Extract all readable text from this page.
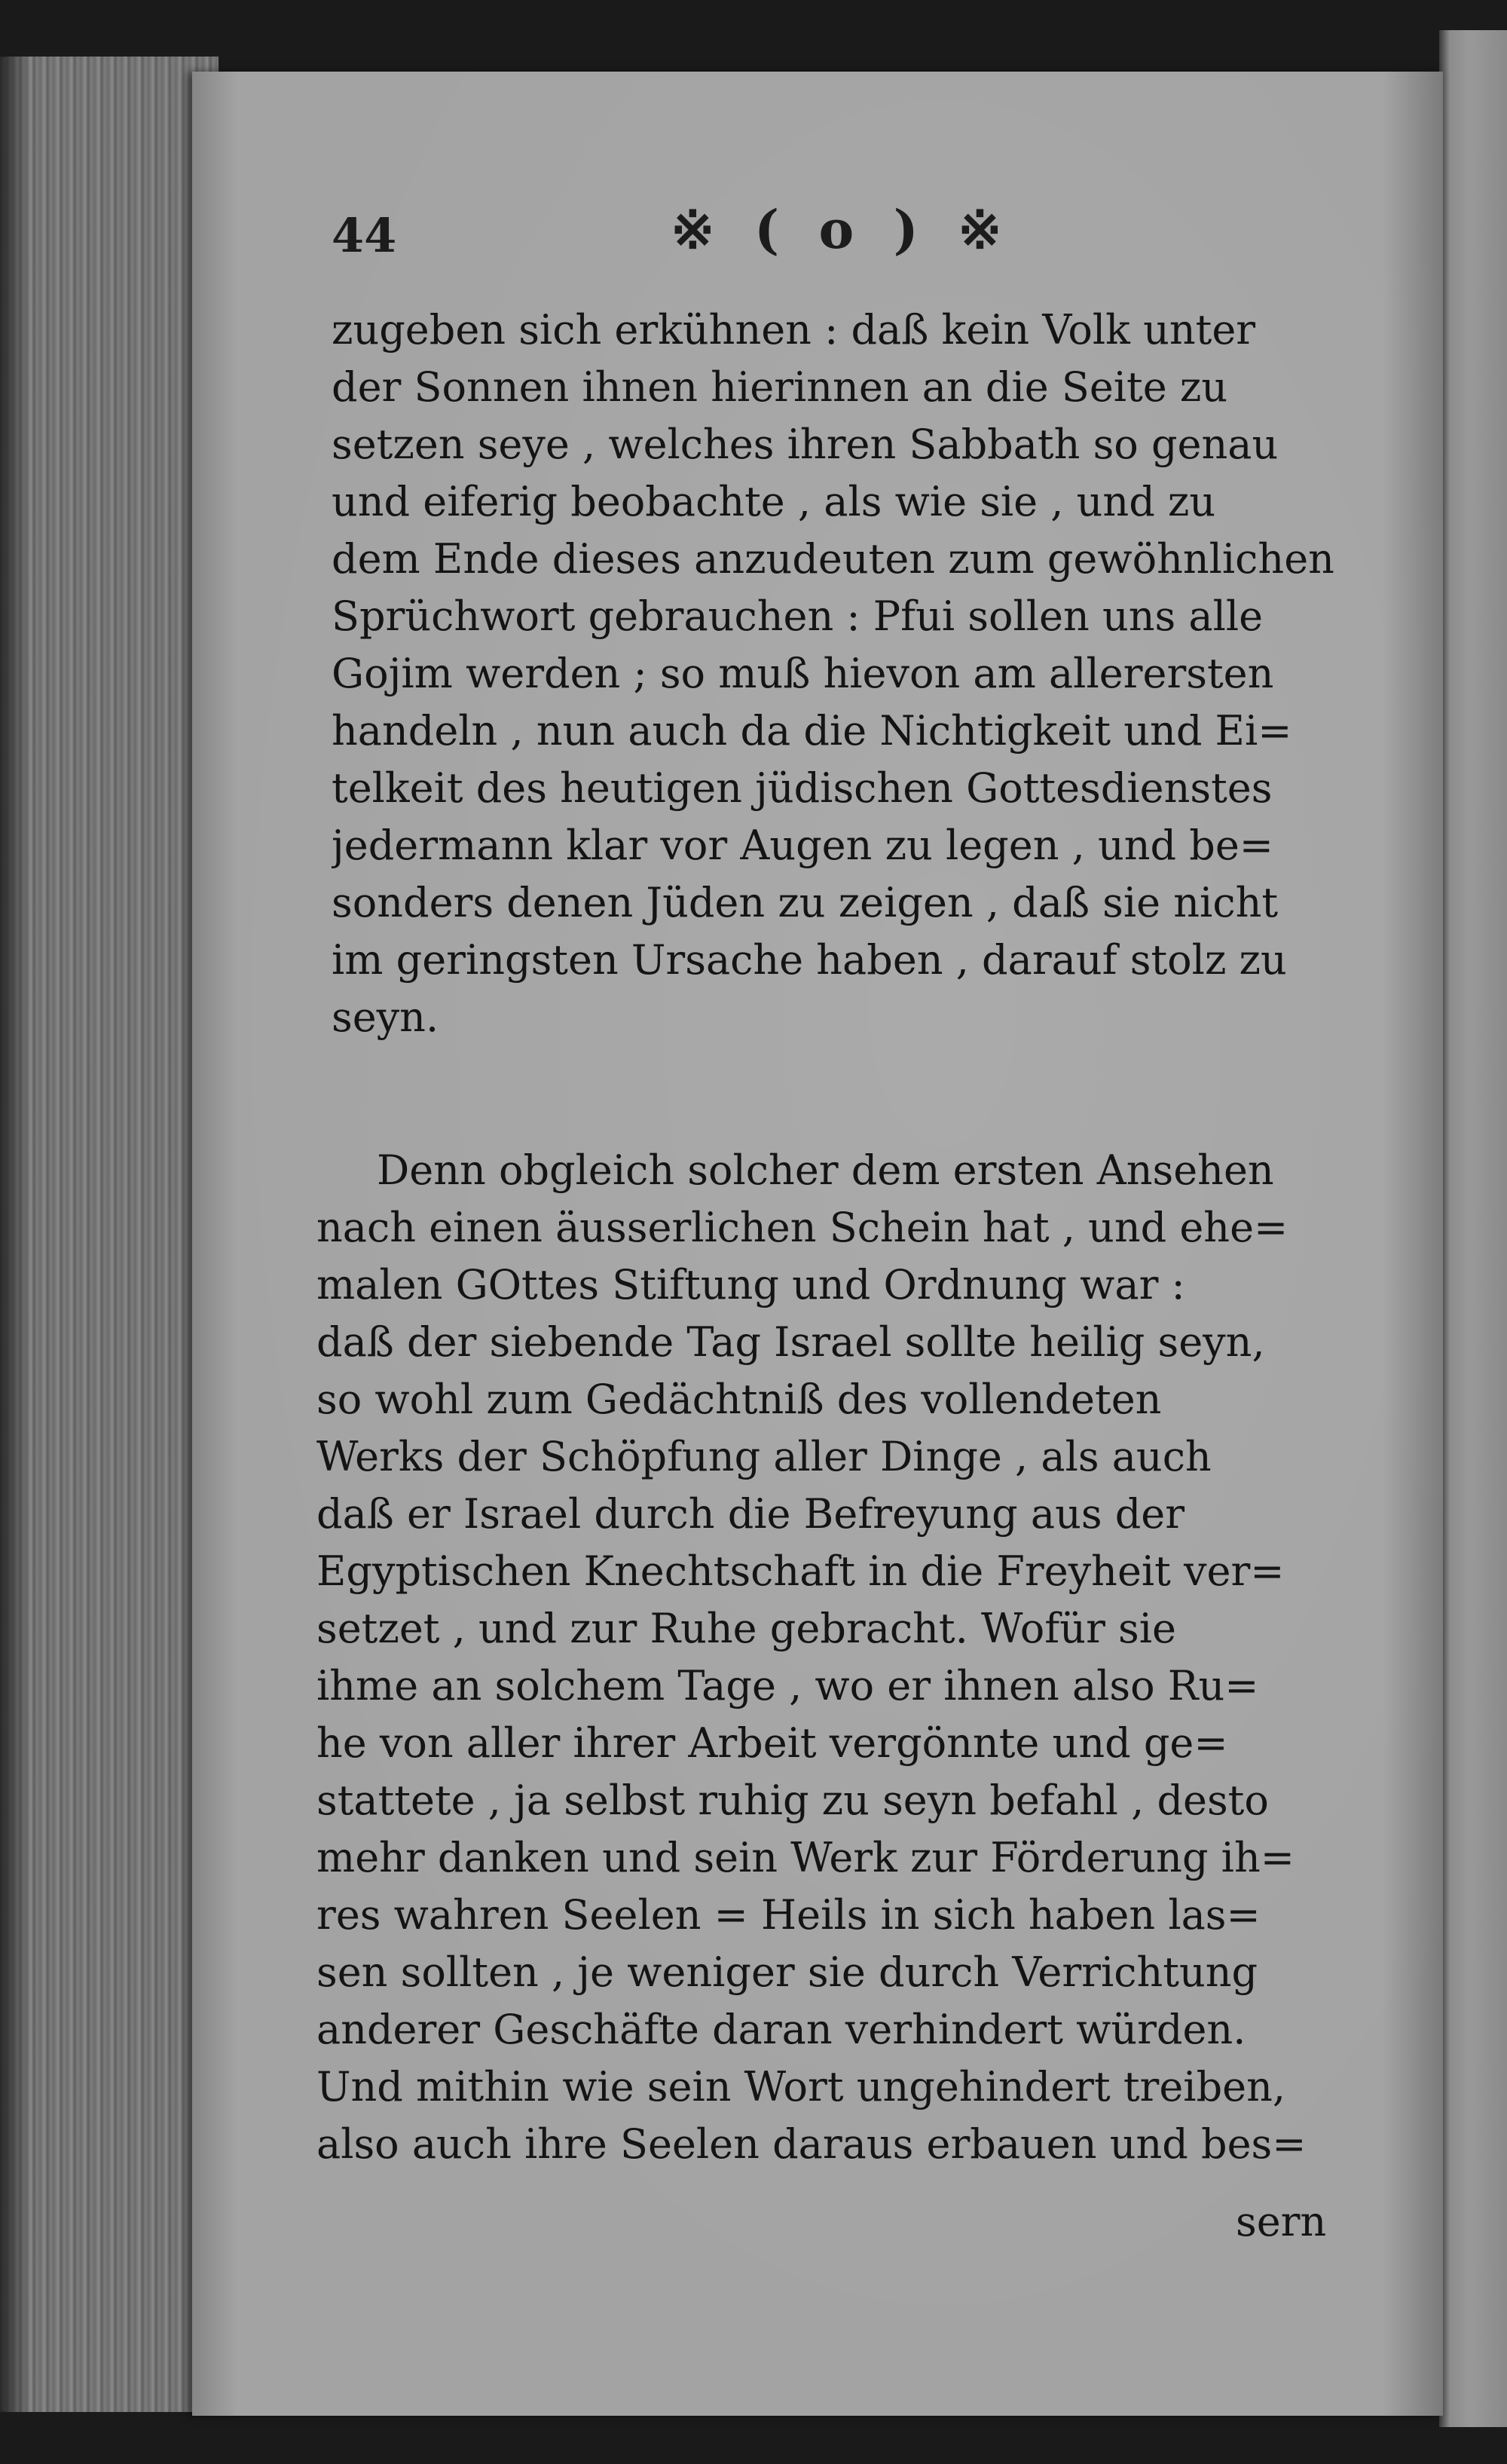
44	※ ( o ) ※
zugeben sich erkühnen : daß kein Volk unter
der Sonnen ihnen hierinnen an die Seite zu
setzen seye , welches ihren Sabbath so genau
und eiferig beobachte , als wie sie , und zu
dem Ende dieses anzudeuten zum gewöhnlichen
Sprüchwort gebrauchen : Pfui sollen uns alle
Gojim werden ; so muß hievon am allerersten
handeln , nun auch da die Nichtigkeit und Ei=
telkeit des heutigen jüdischen Gottesdienstes
jedermann klar vor Augen zu legen , und be=
sonders denen Jüden zu zeigen , daß sie nicht
im geringsten Ursache haben , darauf stolz zu
seyn.
Denn obgleich solcher dem ersten Ansehen
nach einen äusserlichen Schein hat , und ehe=
malen GOttes Stiftung und Ordnung war :
daß der siebende Tag Israel sollte heilig seyn,
so wohl zum Gedächtniß des vollendeten
Werks der Schöpfung aller Dinge , als auch
daß er Israel durch die Befreyung aus der
Egyptischen Knechtschaft in die Freyheit ver=
setzet , und zur Ruhe gebracht. Wofür sie
ihme an solchem Tage , wo er ihnen also Ru=
he von aller ihrer Arbeit vergönnte und ge=
stattete , ja selbst ruhig zu seyn befahl , desto
mehr danken und sein Werk zur Förderung ih=
res wahren Seelen = Heils in sich haben las=
sen sollten , je weniger sie durch Verrichtung
anderer Geschäfte daran verhindert würden.
Und mithin wie sein Wort ungehindert treiben,
also auch ihre Seelen daraus erbauen und bes=
sern
